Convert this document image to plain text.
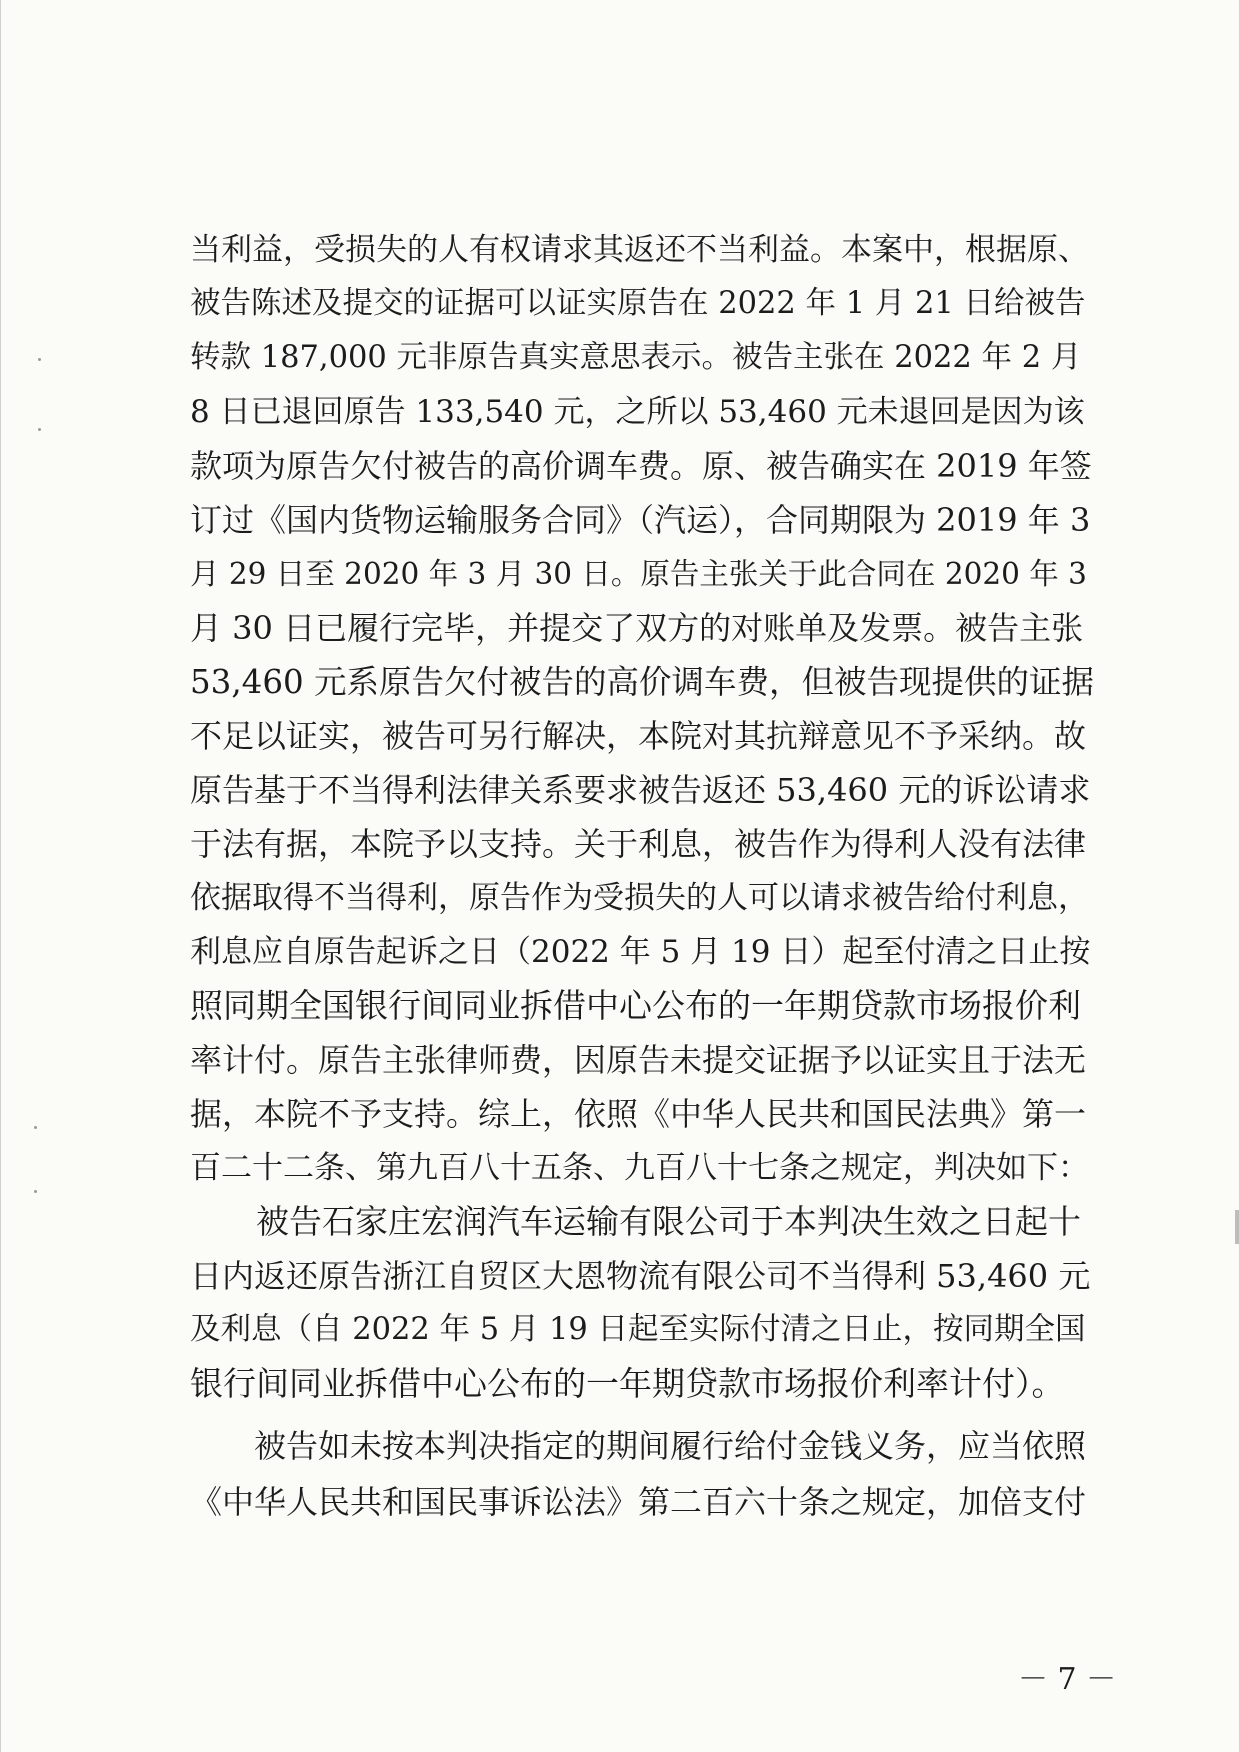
当利益，受损失的人有权请求其返还不当利益。本案中，根据原、
被告陈述及提交的证据可以证实原告在 2022 年 1 月 21 日给被告
转款 187,000 元非原告真实意思表示。被告主张在 2022 年 2 月
8 日已退回原告 133,540 元，之所以 53,460 元未退回是因为该
款项为原告欠付被告的高价调车费。原、被告确实在 2019 年签
订过《国内货物运输服务合同》（汽运），合同期限为 2019 年 3
月 29 日至 2020 年 3 月 30 日。原告主张关于此合同在 2020 年 3
月 30 日已履行完毕，并提交了双方的对账单及发票。被告主张
53,460 元系原告欠付被告的高价调车费，但被告现提供的证据
不足以证实，被告可另行解决，本院对其抗辩意见不予采纳。故
原告基于不当得利法律关系要求被告返还 53,460 元的诉讼请求
于法有据，本院予以支持。关于利息，被告作为得利人没有法律
依据取得不当得利，原告作为受损失的人可以请求被告给付利息，
利息应自原告起诉之日（2022 年 5 月 19 日）起至付清之日止按
照同期全国银行间同业拆借中心公布的一年期贷款市场报价利
率计付。原告主张律师费，因原告未提交证据予以证实且于法无
据，本院不予支持。综上，依照《中华人民共和国民法典》第一
百二十二条、第九百八十五条、九百八十七条之规定，判决如下：
　　被告石家庄宏润汽车运输有限公司于本判决生效之日起十
日内返还原告浙江自贸区大恩物流有限公司不当得利 53,460 元
及利息（自 2022 年 5 月 19 日起至实际付清之日止，按同期全国
银行间同业拆借中心公布的一年期贷款市场报价利率计付）。
　　被告如未按本判决指定的期间履行给付金钱义务，应当依照
《中华人民共和国民事诉讼法》第二百六十条之规定，加倍支付
－ 7 －
